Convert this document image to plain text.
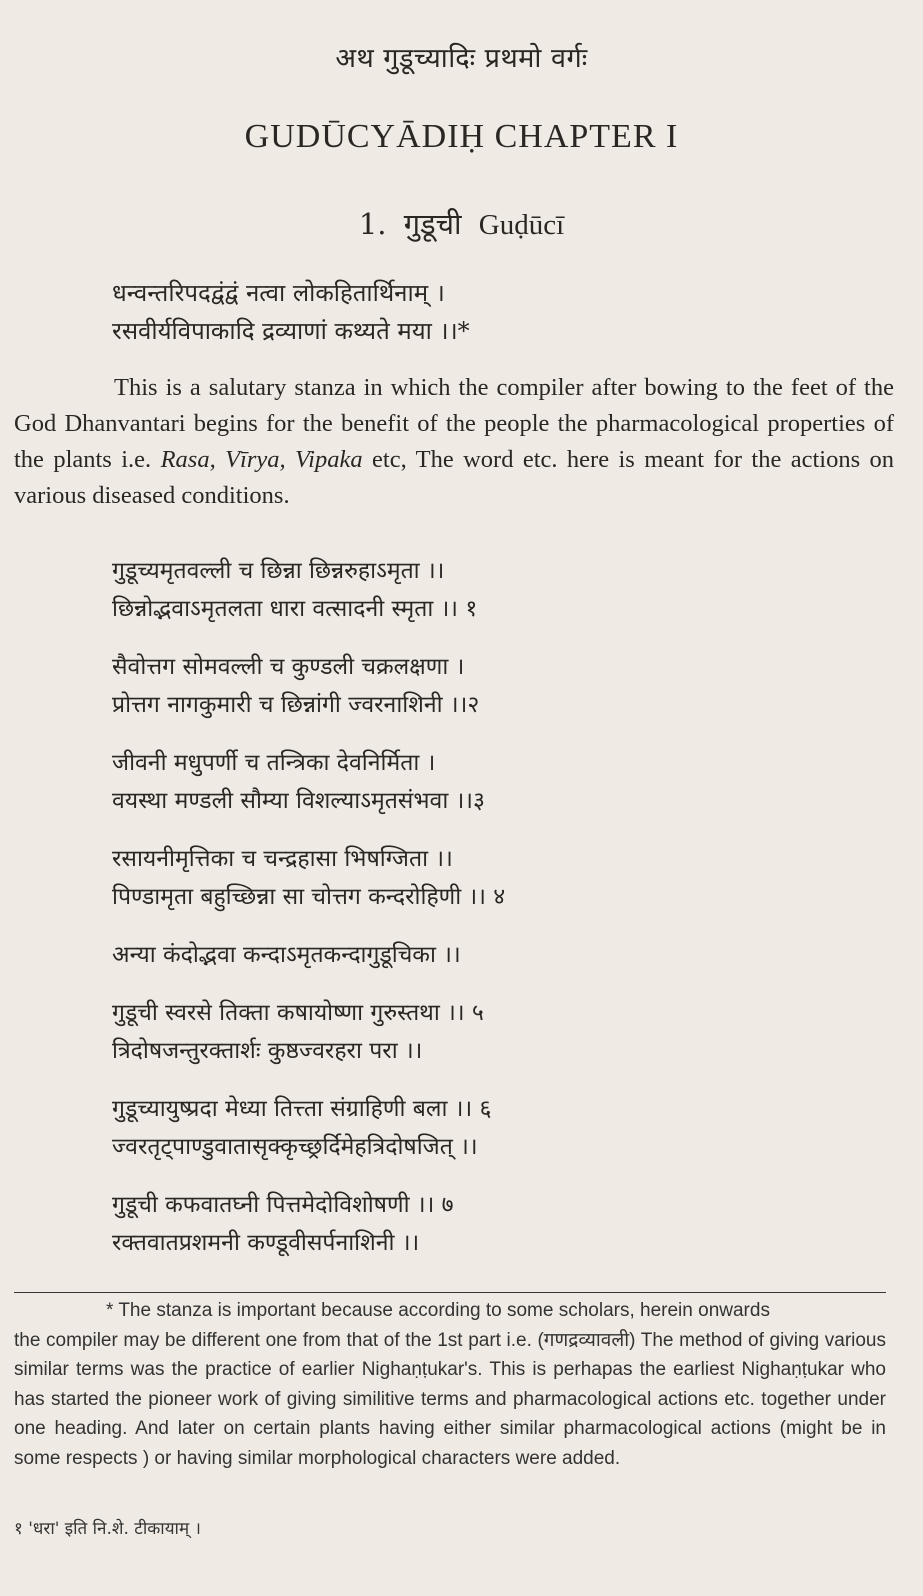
अथ गुडूच्यादिः प्रथमो वर्गः
GUDŪCYĀDIḤ CHAPTER I
1. गुडूची Guḍūcī
धन्वन्तरिपदद्वंद्वं नत्वा लोकहितार्थिनाम् ।
रसवीर्यविपाकादि द्रव्याणां कथ्यते मया ।।*
This is a salutary stanza in which the compiler after bowing to the feet of the God Dhanvantari begins for the benefit of the people the pharmacological properties of the plants i.e. Rasa, Vīrya, Vipaka etc, The word etc. here is meant for the actions on various diseased conditions.
गुडूच्यमृतवल्ली च छिन्ना छिन्नरुहाऽमृता ।।
छिन्नोद्भवाऽमृतलता धारा वत्सादनी स्मृता ।। १
सैवोत्तग सोमवल्ली च कुण्डली चक्रलक्षणा ।
प्रोत्तग नागकुमारी च छिन्नांगी ज्वरनाशिनी ।।२
जीवनी मधुपर्णी च तन्त्रिका देवनिर्मिता ।
वयस्था मण्डली सौम्या विशल्याऽमृतसंभवा ।।३
रसायनीमृत्तिका च चन्द्रहासा भिषग्जिता ।।
पिण्डामृता बहुच्छिन्ना सा चोत्तग कन्दरोहिणी ।। ४
अन्या कंदोद्भवा कन्दाऽमृतकन्दागुडूचिका ।।
गुडूची स्वरसे तिक्ता कषायोष्णा गुरुस्तथा ।। ५
त्रिदोषजन्तुरक्तार्शः कुष्ठज्वरहरा परा ।।
गुडूच्यायुष्प्रदा मेध्या तित्त्ता संग्राहिणी बला ।। ६
ज्वरतृट्पाण्डुवातासृक्कृच्छ्रर्दिमेहत्रिदोषजित् ।।
गुडूची कफवातघ्नी पित्तमेदोविशोषणी ।। ७
रक्तवातप्रशमनी कण्डूवीसर्पनाशिनी ।।
* The stanza is important because according to some scholars, herein onwards
the compiler may be different one from that of the 1st part i.e. (गणद्रव्यावली) The method of giving various similar terms was the practice of earlier Nighaṇṭukar's. This is perhapas the earliest Nighaṇṭukar who has started the pioneer work of giving similitive terms and pharmacological actions etc. together under one heading. And later on certain plants having either similar pharmacological actions (might be in some respects ) or having similar morphological characters were added.
१ 'धरा' इति नि.शे. टीकायाम् ।
